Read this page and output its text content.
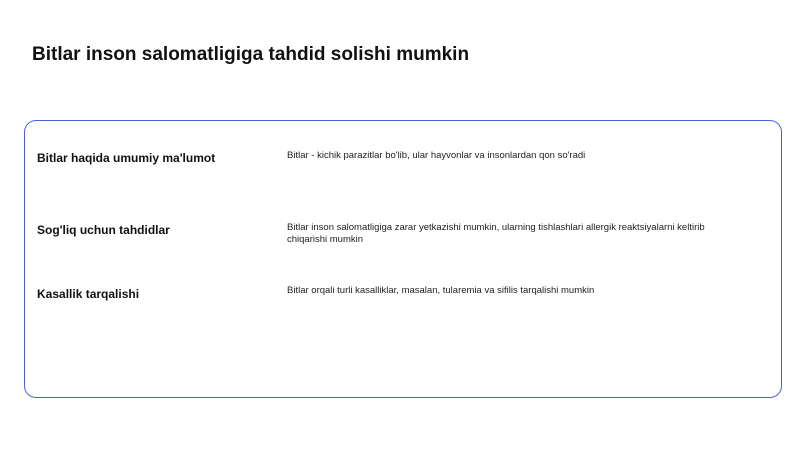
Bitlar inson salomatligiga tahdid solishi mumkin
Bitlar haqida umumiy ma'lumot	Bitlar - kichik parazitlar bo'lib, ular hayvonlar va insonlardan qon so'radi
Sog'liq uchun tahdidlar	Bitlar inson salomatligiga zarar yetkazishi mumkin, ularning tishlashlari allergik reaktsiyalarni keltirib chiqarishi mumkin
Kasallik tarqalishi	Bitlar orqali turli kasalliklar, masalan, tularemia va sifilis tarqalishi mumkin
